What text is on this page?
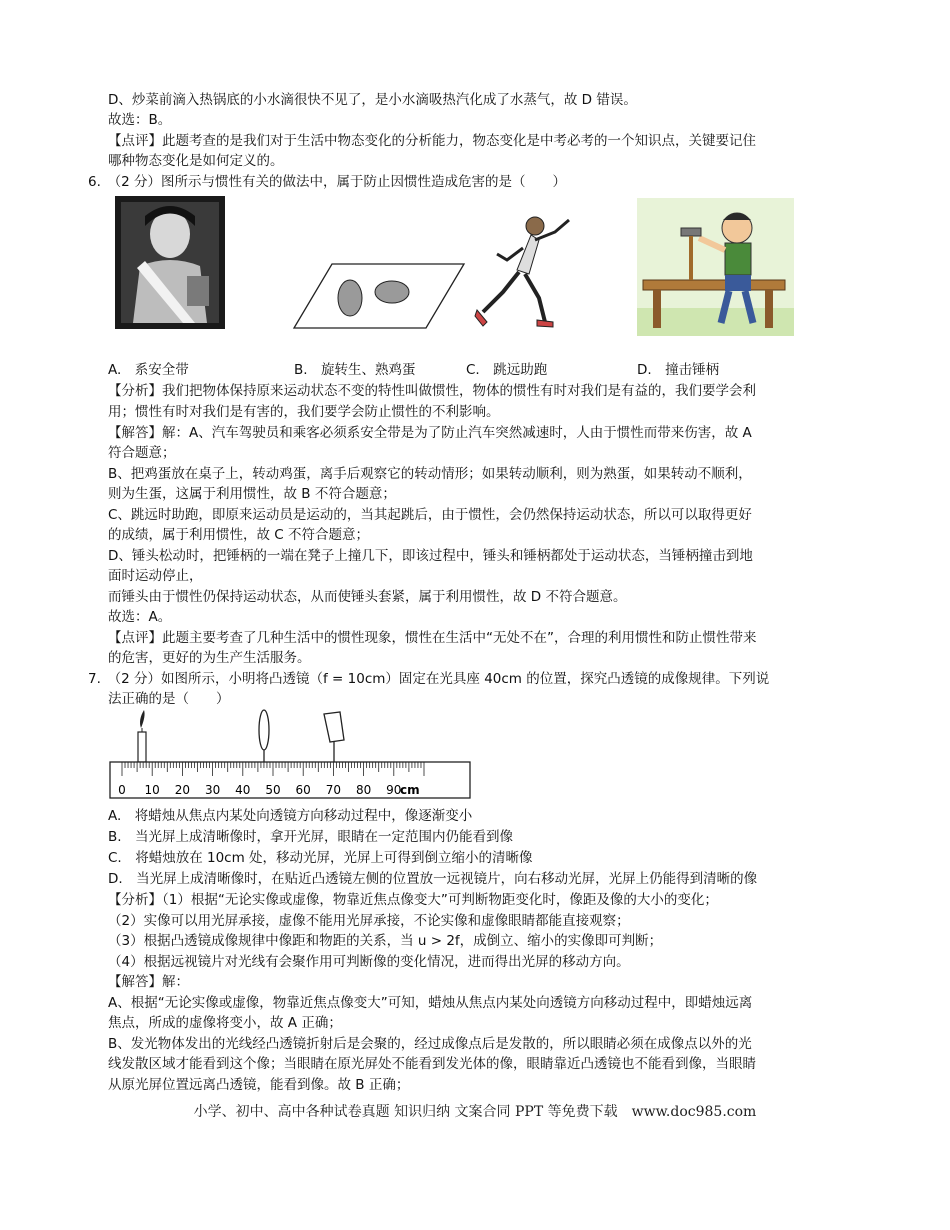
D、炒菜前滴入热锅底的小水滴很快不见了，是小水滴吸热汽化成了水蒸气，故 D 错误。
故选：B。
【点评】此题考查的是我们对于生活中物态变化的分析能力，物态变化是中考必考的一个知识点，关键要记住
哪种物态变化是如何定义的。
6.　（2 分）图所示与惯性有关的做法中，属于防止因惯性造成危害的是（　　）
A.　系安全带	B.　旋转生、熟鸡蛋	C.　跳远助跑	D.　撞击锤柄
【分析】我们把物体保持原来运动状态不变的特性叫做惯性，物体的惯性有时对我们是有益的，我们要学会利
用；惯性有时对我们是有害的，我们要学会防止惯性的不利影响。
【解答】解：A、汽车驾驶员和乘客必须系安全带是为了防止汽车突然减速时，人由于惯性而带来伤害，故 A
符合题意；
B、把鸡蛋放在桌子上，转动鸡蛋，离手后观察它的转动情形；如果转动顺利，则为熟蛋，如果转动不顺利，
则为生蛋，这属于利用惯性，故 B 不符合题意；
C、跳远时助跑，即原来运动员是运动的，当其起跳后，由于惯性，会仍然保持运动状态，所以可以取得更好
的成绩，属于利用惯性，故 C 不符合题意；
D、锤头松动时，把锤柄的一端在凳子上撞几下，即该过程中，锤头和锤柄都处于运动状态，当锤柄撞击到地
面时运动停止，
而锤头由于惯性仍保持运动状态，从而使锤头套紧，属于利用惯性，故 D 不符合题意。
故选：A。
【点评】此题主要考查了几种生活中的惯性现象，惯性在生活中“无处不在”，合理的利用惯性和防止惯性带来
的危害，更好的为生产生活服务。
7.　（2 分）如图所示，小明将凸透镜（f = 10cm）固定在光具座 40cm 的位置，探究凸透镜的成像规律。下列说
法正确的是（　　）
0 10 20 30 40 50 60 70 80 90
cm
A.　将蜡烛从焦点内某处向透镜方向移动过程中，像逐渐变小
B.　当光屏上成清晰像时，拿开光屏，眼睛在一定范围内仍能看到像
C.　将蜡烛放在 10cm 处，移动光屏，光屏上可得到倒立缩小的清晰像
D.　当光屏上成清晰像时，在贴近凸透镜左侧的位置放一远视镜片，向右移动光屏，光屏上仍能得到清晰的像
【分析】（1）根据“无论实像或虚像，物靠近焦点像变大”可判断物距变化时，像距及像的大小的变化；
（2）实像可以用光屏承接，虚像不能用光屏承接，不论实像和虚像眼睛都能直接观察；
（3）根据凸透镜成像规律中像距和物距的关系，当 u > 2f，成倒立、缩小的实像即可判断；
（4）根据远视镜片对光线有会聚作用可判断像的变化情况，进而得出光屏的移动方向。
【解答】解：
A、根据“无论实像或虚像，物靠近焦点像变大”可知，蜡烛从焦点内某处向透镜方向移动过程中，即蜡烛远离
焦点，所成的虚像将变小，故 A 正确；
B、发光物体发出的光线经凸透镜折射后是会聚的，经过成像点后是发散的，所以眼睛必须在成像点以外的光
线发散区域才能看到这个像；当眼睛在原光屏处不能看到发光体的像，眼睛靠近凸透镜也不能看到像，当眼睛
从原光屏位置远离凸透镜，能看到像。故 B 正确；
小学、初中、高中各种试卷真题 知识归纳 文案合同 PPT 等免费下载　www.doc985.com
